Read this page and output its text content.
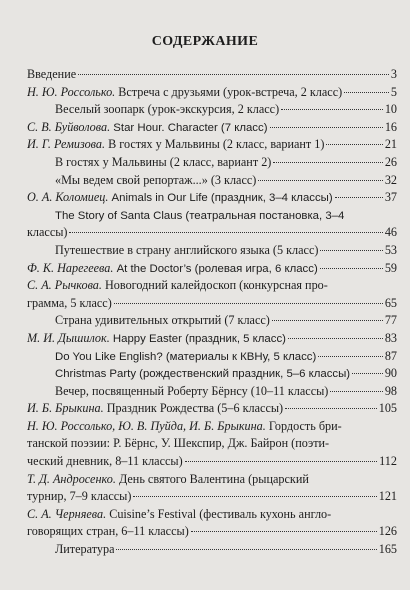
СОДЕРЖАНИЕ
Введение	3
Н. Ю. Россолько. Встреча с друзьями (урок-встреча, 2 класс)	5
Веселый зоопарк (урок-экскурсия, 2 класс)	10
С. В. Буйволова. Star Hour. Character (7 класс)	16
И. Г. Ремизова. В гостях у Мальвины (2 класс, вариант 1)	21
В гостях у Мальвины (2 класс, вариант 2)	26
«Мы ведем свой репортаж...» (3 класс)	32
О. А. Коломиец. Animals in Our Life (праздник, 3–4 классы)	37
The Story of Santa Claus (театральная постановка, 3–4
классы)	46
Путешествие в страну английского языка (5 класс)	53
Ф. К. Нарегеева. At the Doctor’s (ролевая игра, 6 класс)	59
С. А. Рычкова. Новогодний калейдоскоп (конкурсная про-
грамма, 5 класс)	65
Страна удивительных открытий (7 класс)	77
М. И. Дышилок. Happy Easter (праздник, 5 класс)	83
Do You Like English? (материалы к КВНу, 5 класс)	87
Christmas Party (рождественский праздник, 5–6 классы)	90
Вечер, посвященный Роберту Бёрнсу (10–11 классы)	98
И. Б. Брыкина. Праздник Рождества (5–6 классы)	105
Н. Ю. Россолько, Ю. В. Пуйда, И. Б. Брыкина. Гордость бри-
танской поэзии: Р. Бёрнс, У. Шекспир, Дж. Байрон (поэти-
ческий дневник, 8–11 классы)	112
Т. Д. Андросенко. День святого Валентина (рыцарский
турнир, 7–9 классы)	121
С. А. Черняева. Cuisine’s Festival (фестиваль кухонь англо-
говорящих стран, 6–11 классы)	126
Литература	165
